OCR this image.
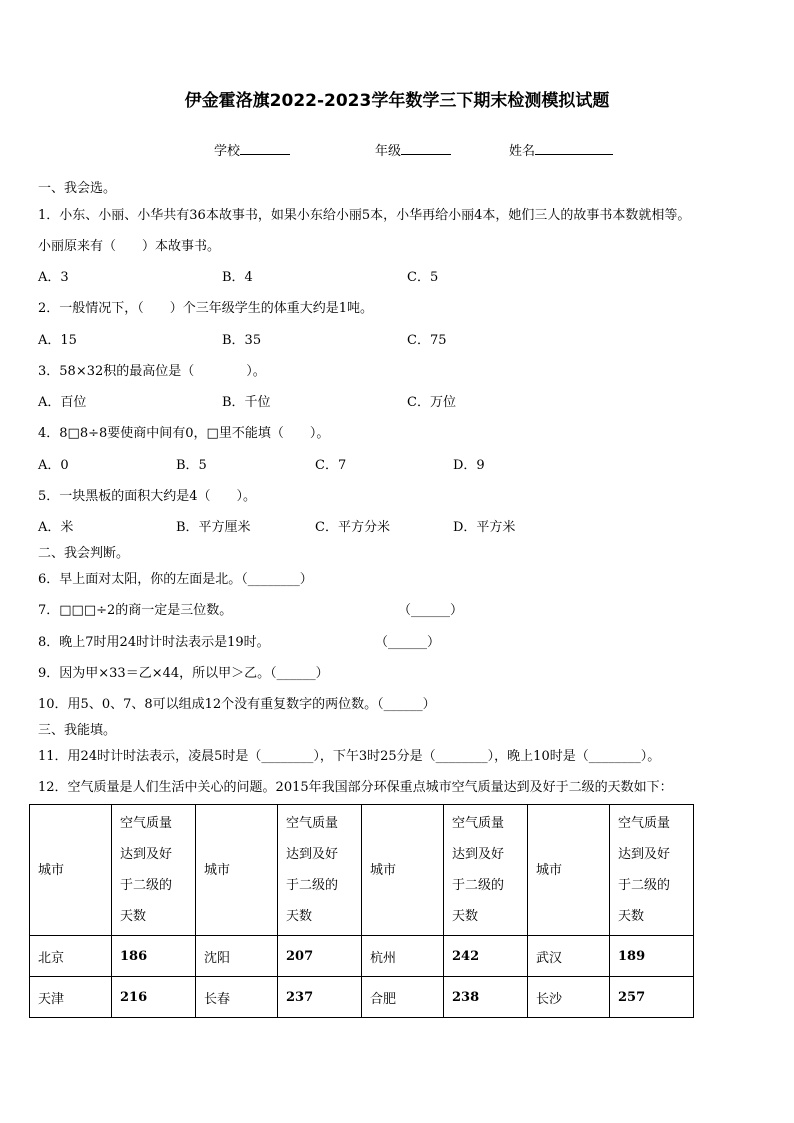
伊金霍洛旗2022-2023学年数学三下期末检测模拟试题
学校	年级	姓名
一、我会选。
1．小东、小丽、小华共有36本故事书，如果小东给小丽5本，小华再给小丽4本，她们三人的故事书本数就相等。
小丽原来有（　　）本故事书。
A．3	B．4	C．5
2．一般情况下，（　　）个三年级学生的体重大约是1吨。
A．15	B．35	C．75
3．58×32积的最高位是（　　　　）。
A．百位	B．千位	C．万位
4．8□8÷8要使商中间有0，□里不能填（　　）。
A．0	B．5	C．7	D．9
5．一块黑板的面积大约是4（　　）。
A．米	B．平方厘米	C．平方分米	D．平方米
二、我会判断。
6．早上面对太阳，你的左面是北。（________）
7．□□□÷2的商一定是三位数。	（______）
8．晚上7时用24时计时法表示是19时。	（______）
9．因为甲×33＝乙×44，所以甲＞乙。（______）
10．用5、0、7、8可以组成12个没有重复数字的两位数。（______）
三、我能填。
11．用24时计时法表示，凌晨5时是（________），下午3时25分是（________），晚上10时是（________）。
12．空气质量是人们生活中关心的问题。2015年我国部分环保重点城市空气质量达到及好于二级的天数如下：
城市	空气质量
达到及好
于二级的
天数	城市	空气质量
达到及好
于二级的
天数	城市	空气质量
达到及好
于二级的
天数	城市	空气质量
达到及好
于二级的
天数
北京	186	沈阳	207	杭州	242	武汉	189
天津	216	长春	237	合肥	238	长沙	257
